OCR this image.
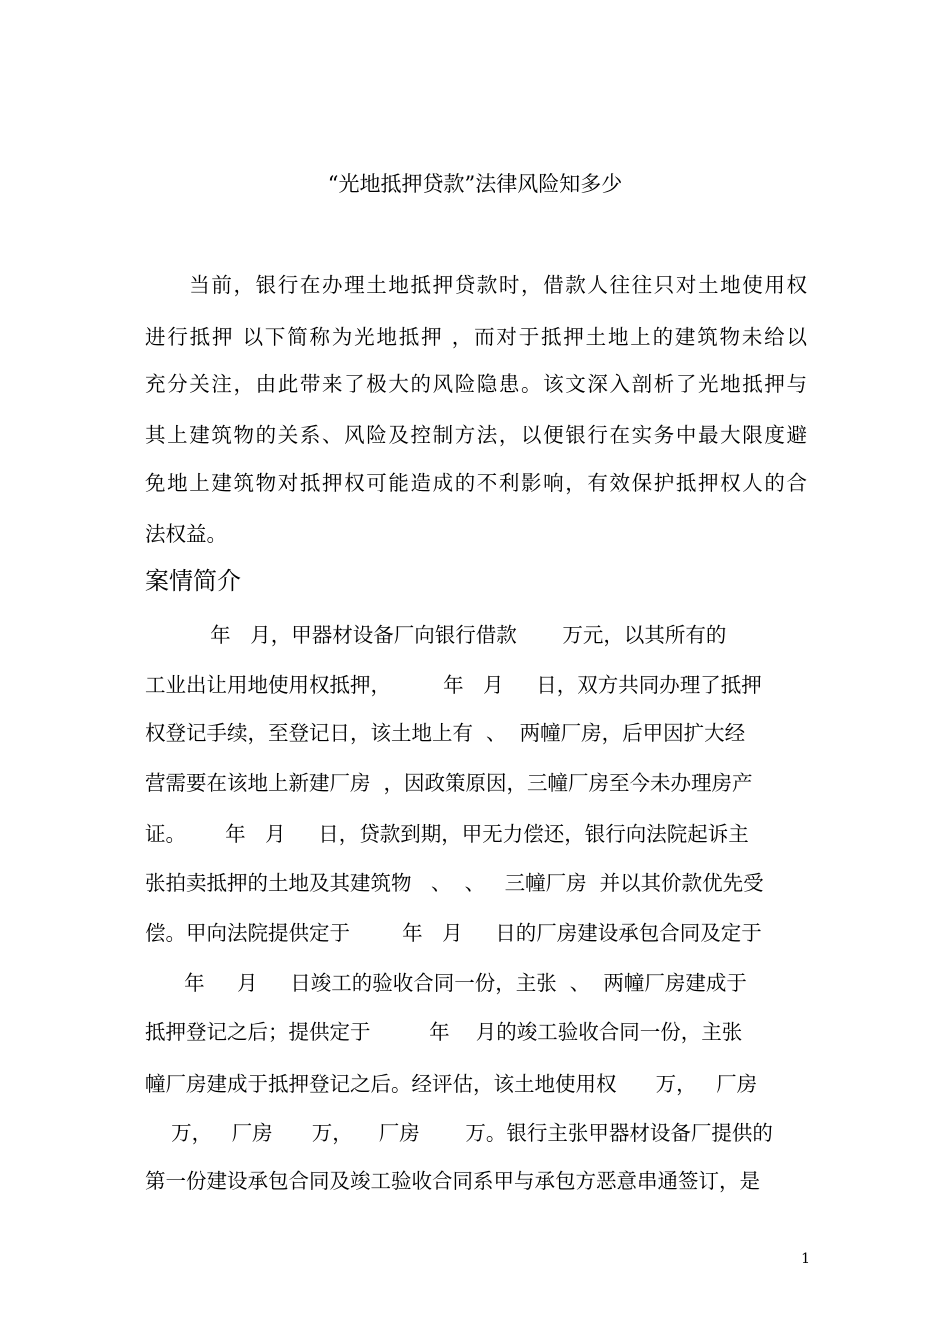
“光地抵押贷款”法律风险知多少
　　当前，银行在办理土地抵押贷款时，借款人往往只对土地使用权
进行抵押 以下简称为光地抵押 ，而对于抵押土地上的建筑物未给以
充分关注，由此带来了极大的风险隐患。该文深入剖析了光地抵押与
其上建筑物的关系、风险及控制方法，以便银行在实务中最大限度避
免地上建筑物对抵押权可能造成的不利影响，有效保护抵押权人的合
法权益。
案情简介
年   月，甲器材设备厂向银行借款       万元，以其所有的
工业出让用地使用权抵押，        年   月     日，双方共同办理了抵押
权登记手续，至登记日，该土地上有  、  两幢厂房，后甲因扩大经
营需要在该地上新建厂房  ，因政策原因，三幢厂房至今未办理房产
证。      年   月     日，贷款到期，甲无力偿还，银行向法院起诉主
张拍卖抵押的土地及其建筑物   、  、   三幢厂房  并以其价款优先受
偿。甲向法院提供定于        年   月     日的厂房建设承包合同及定于
年     月     日竣工的验收合同一份，主张  、  两幢厂房建成于
抵押登记之后；提供定于         年    月的竣工验收合同一份，主张
幢厂房建成于抵押登记之后。经评估，该土地使用权      万，   厂房
万，   厂房      万，    厂房       万。银行主张甲器材设备厂提供的
第一份建设承包合同及竣工验收合同系甲与承包方恶意串通签订，是
1
